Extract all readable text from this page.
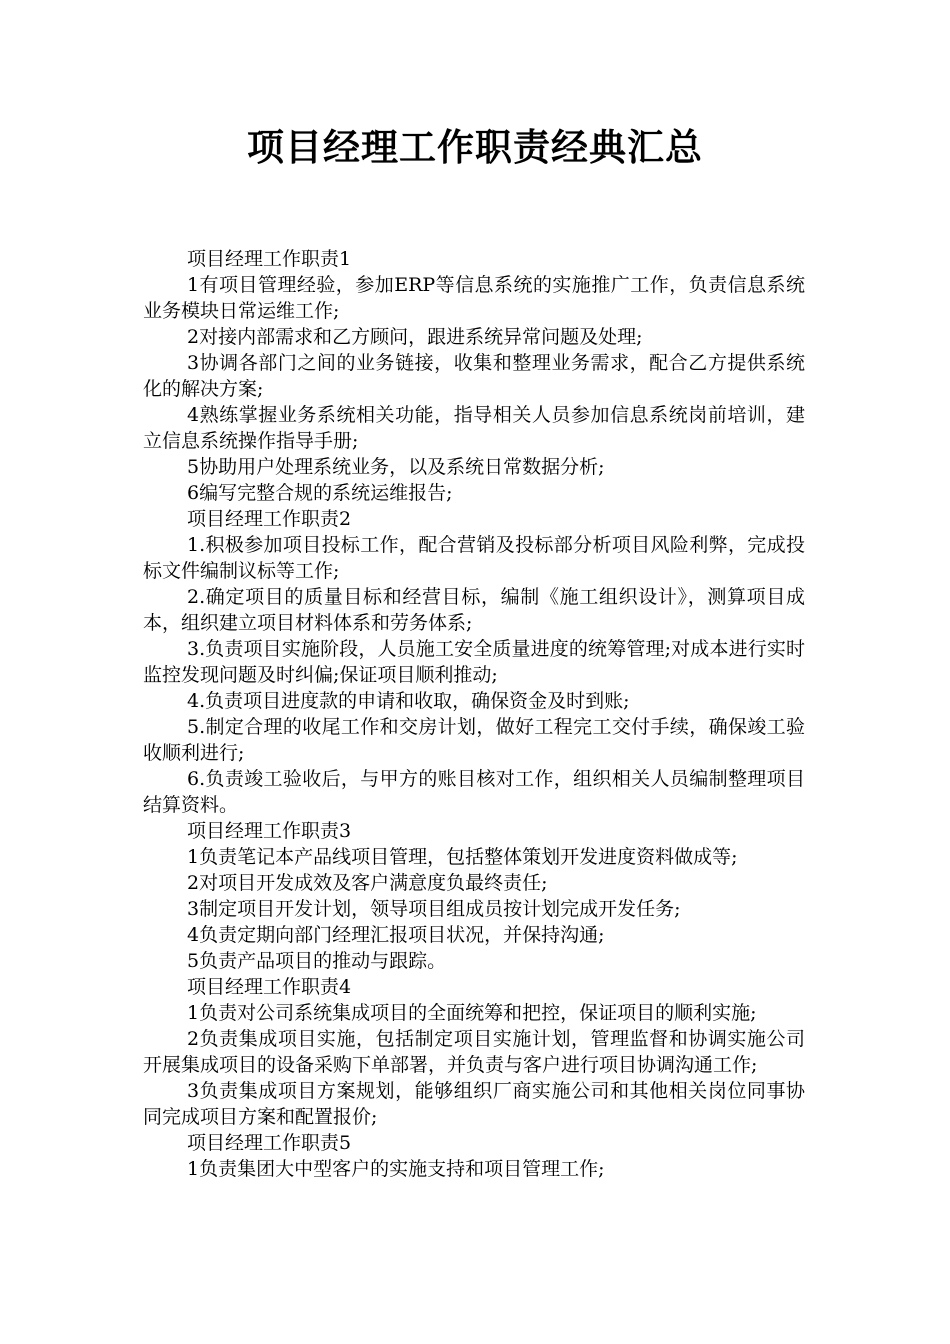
项目经理工作职责经典汇总

项目经理工作职责1

1有项目管理经验，参加ERP等信息系统的实施推广工作，负责信息系统业务模块日常运维工作;

2对接内部需求和乙方顾问，跟进系统异常问题及处理;

3协调各部门之间的业务链接，收集和整理业务需求，配合乙方提供系统化的解决方案;

4熟练掌握业务系统相关功能，指导相关人员参加信息系统岗前培训，建立信息系统操作指导手册;

5协助用户处理系统业务，以及系统日常数据分析;

6编写完整合规的系统运维报告;

项目经理工作职责2

1.积极参加项目投标工作，配合营销及投标部分析项目风险利弊，完成投标文件编制议标等工作;

2.确定项目的质量目标和经营目标，编制《施工组织设计》，测算项目成本，组织建立项目材料体系和劳务体系;

3.负责项目实施阶段，人员施工安全质量进度的统筹管理;对成本进行实时监控发现问题及时纠偏;保证项目顺利推动;

4.负责项目进度款的申请和收取，确保资金及时到账;

5.制定合理的收尾工作和交房计划，做好工程完工交付手续，确保竣工验收顺利进行;

6.负责竣工验收后，与甲方的账目核对工作，组织相关人员编制整理项目结算资料。

项目经理工作职责3

1负责笔记本产品线项目管理，包括整体策划开发进度资料做成等;

2对项目开发成效及客户满意度负最终责任;

3制定项目开发计划，领导项目组成员按计划完成开发任务;

4负责定期向部门经理汇报项目状况，并保持沟通;

5负责产品项目的推动与跟踪。

项目经理工作职责4

1负责对公司系统集成项目的全面统筹和把控，保证项目的顺利实施;

2负责集成项目实施，包括制定项目实施计划，管理监督和协调实施公司开展集成项目的设备采购下单部署，并负责与客户进行项目协调沟通工作;

3负责集成项目方案规划，能够组织厂商实施公司和其他相关岗位同事协同完成项目方案和配置报价;

项目经理工作职责5

1负责集团大中型客户的实施支持和项目管理工作;
